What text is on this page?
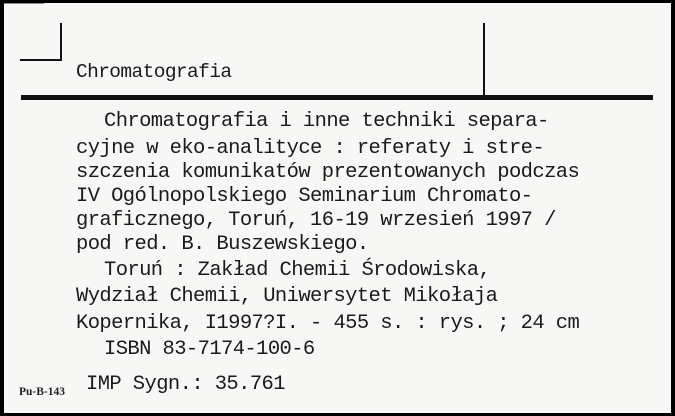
Chromatografia
Chromatografia i inne techniki separa-
cyjne w eko-analityce : referaty i stre-
szczenia komunikatów prezentowanych podczas
IV Ogólnopolskiego Seminarium Chromato-
graficznego, Toruń, 16-19 wrzesień 1997 /
pod red. B. Buszewskiego.
Toruń : Zakład Chemii Środowiska,
Wydział Chemii, Uniwersytet Mikołaja
Kopernika, I1997?I. - 455 s. : rys. ; 24 cm
ISBN 83-7174-100-6
IMP Sygn.: 35.761
Pu-B-143
